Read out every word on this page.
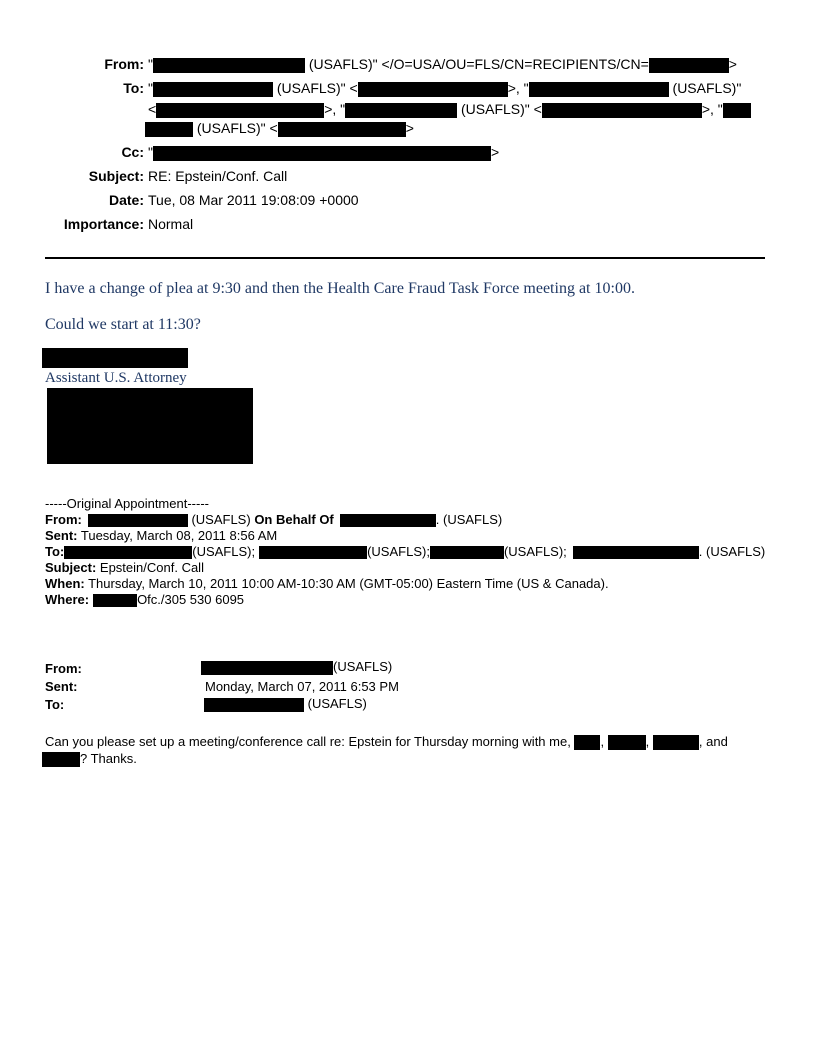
From: "	(USAFLS)" </O=USA/OU=FLS/CN=RECIPIENTS/CN=	>
To: "	(USAFLS)" <	>, "	(USAFLS)"
<	>, "	(USAFLS)" <	>, "
(USAFLS)" <	>
Cc: "	>
Subject: RE: Epstein/Conf. Call
Date: Tue, 08 Mar 2011 19:08:09 +0000
Importance: Normal
I have a change of plea at 9:30 and then the Health Care Fraud Task Force meeting at 10:00.
Could we start at 11:30?
Assistant U.S. Attorney
-----Original Appointment-----
From:	(USAFLS) On Behalf Of	. (USAFLS)
Sent: Tuesday, March 08, 2011 8:56 AM
To:	(USAFLS);	(USAFLS);	(USAFLS);	. (USAFLS)
Subject: Epstein/Conf. Call
When: Thursday, March 10, 2011 10:00 AM-10:30 AM (GMT-05:00) Eastern Time (US & Canada).
Where:	Ofc./305 530 6095
From:	(USAFLS)
Sent:	Monday, March 07, 2011 6:53 PM
To:	(USAFLS)
Can you please set up a meeting/conference call re: Epstein for Thursday morning with me, ,	,	, and
? Thanks.
